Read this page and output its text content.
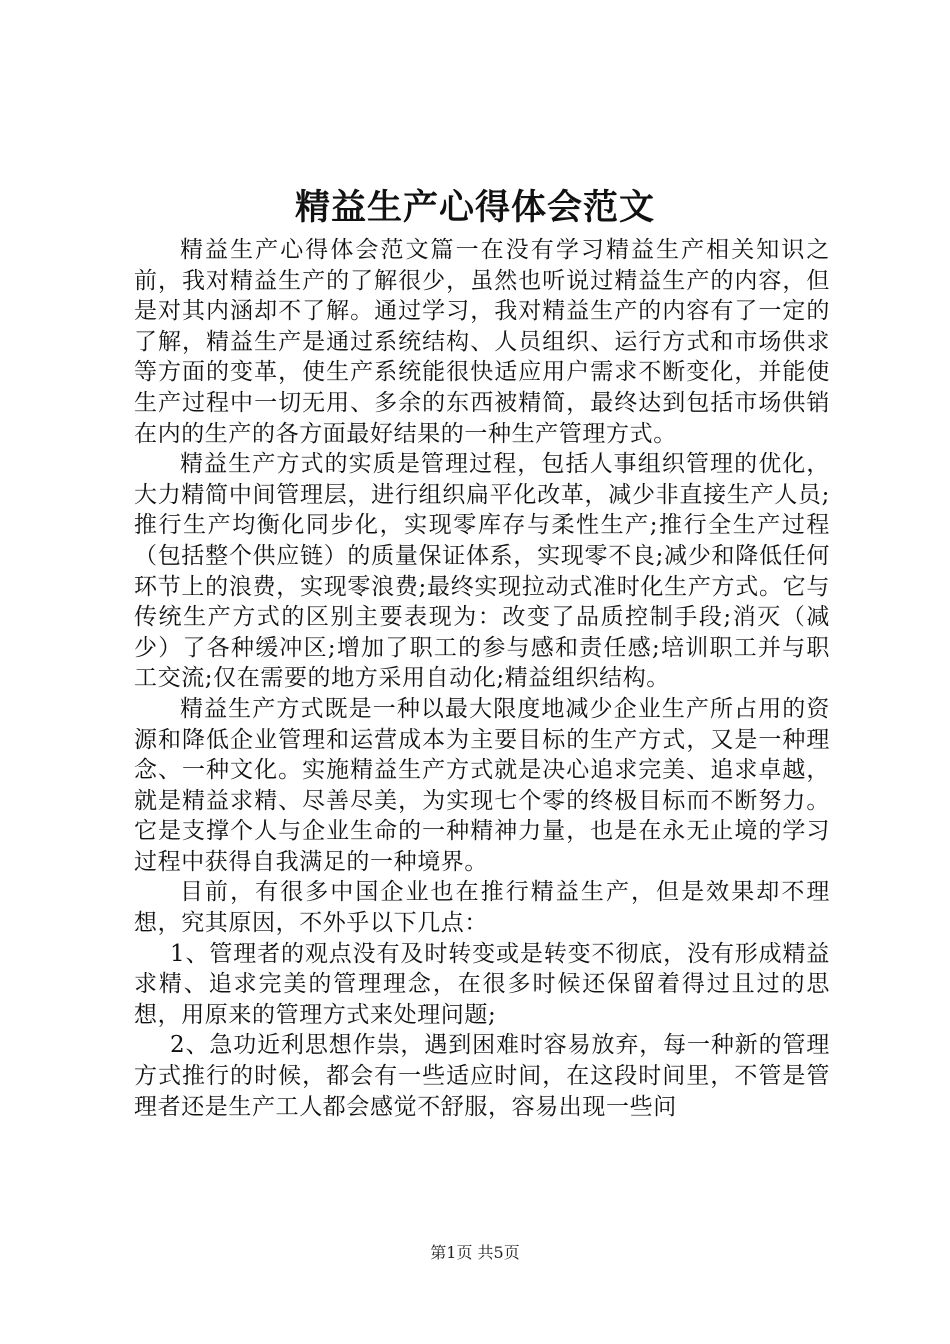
精益生产心得体会范文

精益生产心得体会范文篇一在没有学习精益生产相关知识之前，我对精益生产的了解很少，虽然也听说过精益生产的内容，但是对其内涵却不了解。通过学习，我对精益生产的内容有了一定的了解，精益生产是通过系统结构、人员组织、运行方式和市场供求等方面的变革，使生产系统能很快适应用户需求不断变化，并能使生产过程中一切无用、多余的东西被精简，最终达到包括市场供销在内的生产的各方面最好结果的一种生产管理方式。

精益生产方式的实质是管理过程，包括人事组织管理的优化，大力精简中间管理层，进行组织扁平化改革，减少非直接生产人员;推行生产均衡化同步化，实现零库存与柔性生产;推行全生产过程（包括整个供应链）的质量保证体系，实现零不良;减少和降低任何环节上的浪费，实现零浪费;最终实现拉动式准时化生产方式。它与传统生产方式的区别主要表现为：改变了品质控制手段;消灭（减少）了各种缓冲区;增加了职工的参与感和责任感;培训职工并与职工交流;仅在需要的地方采用自动化;精益组织结构。

精益生产方式既是一种以最大限度地减少企业生产所占用的资源和降低企业管理和运营成本为主要目标的生产方式，又是一种理念、一种文化。实施精益生产方式就是决心追求完美、追求卓越，就是精益求精、尽善尽美，为实现七个零的终极目标而不断努力。它是支撑个人与企业生命的一种精神力量，也是在永无止境的学习过程中获得自我满足的一种境界。

目前，有很多中国企业也在推行精益生产，但是效果却不理想，究其原因，不外乎以下几点：

1、管理者的观点没有及时转变或是转变不彻底，没有形成精益求精、追求完美的管理理念，在很多时候还保留着得过且过的思想，用原来的管理方式来处理问题;

2、急功近利思想作祟，遇到困难时容易放弃，每一种新的管理方式推行的时候，都会有一些适应时间，在这段时间里，不管是管理者还是生产工人都会感觉不舒服，容易出现一些问

第1页 共5页
